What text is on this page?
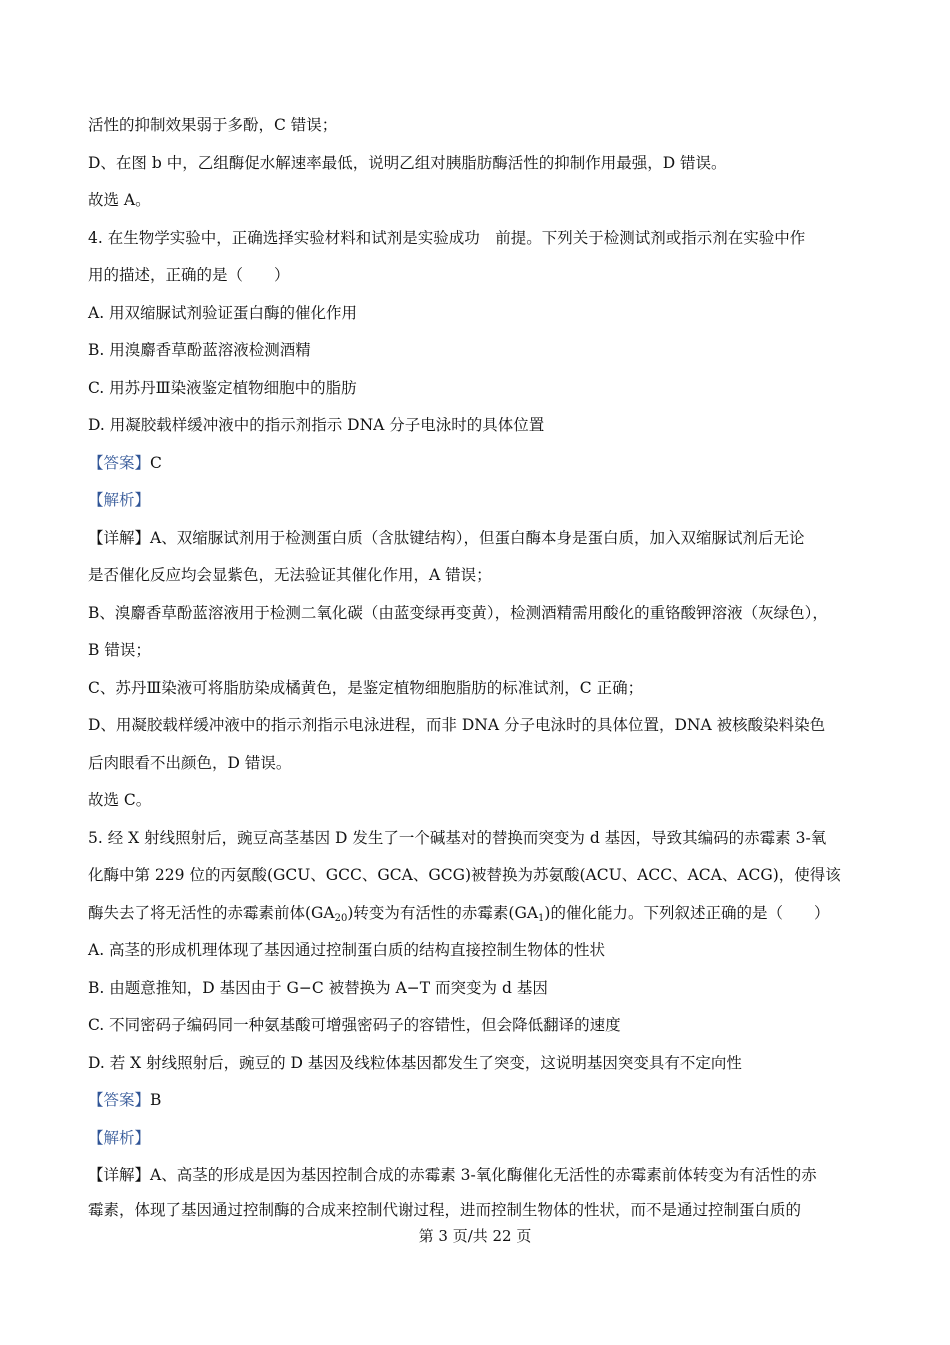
活性的抑制效果弱于多酚，C 错误；
D、在图 b 中，乙组酶促水解速率最低，说明乙组对胰脂肪酶活性的抑制作用最强，D 错误。
故选 A。
4. 在生物学实验中，正确选择实验材料和试剂是实验成功　前提。下列关于检测试剂或指示剂在实验中作
用的描述，正确的是（　　）
A. 用双缩脲试剂验证蛋白酶的催化作用
B. 用溴麝香草酚蓝溶液检测酒精
C. 用苏丹Ⅲ染液鉴定植物细胞中的脂肪
D. 用凝胶载样缓冲液中的指示剂指示 DNA 分子电泳时的具体位置
【答案】C
【解析】
【详解】A、双缩脲试剂用于检测蛋白质（含肽键结构），但蛋白酶本身是蛋白质，加入双缩脲试剂后无论
是否催化反应均会显紫色，无法验证其催化作用，A 错误；
B、溴麝香草酚蓝溶液用于检测二氧化碳（由蓝变绿再变黄），检测酒精需用酸化的重铬酸钾溶液（灰绿色），
B 错误；
C、苏丹Ⅲ染液可将脂肪染成橘黄色，是鉴定植物细胞脂肪的标准试剂，C 正确；
D、用凝胶载样缓冲液中的指示剂指示电泳进程，而非 DNA 分子电泳时的具体位置，DNA 被核酸染料染色
后肉眼看不出颜色，D 错误。
故选 C。
5. 经 X 射线照射后，豌豆高茎基因 D 发生了一个碱基对的替换而突变为 d 基因，导致其编码的赤霉素 3-氧
化酶中第 229 位的丙氨酸(GCU、GCC、GCA、GCG)被替换为苏氨酸(ACU、ACC、ACA、ACG)，使得该
酶失去了将无活性的赤霉素前体$(GA_{20})$转变为有活性的赤霉素$(GA_1)$的催化能力。下列叙述正确的是（　　）
A. 高茎的形成机理体现了基因通过控制蛋白质的结构直接控制生物体的性状
B. 由题意推知，D 基因由于 G−C 被替换为 A−T 而突变为 d 基因
C. 不同密码子编码同一种氨基酸可增强密码子的容错性，但会降低翻译的速度
D. 若 X 射线照射后，豌豆的 D 基因及线粒体基因都发生了突变，这说明基因突变具有不定向性
【答案】B
【解析】
【详解】A、高茎的形成是因为基因控制合成的赤霉素 3-氧化酶催化无活性的赤霉素前体转变为有活性的赤
霉素，体现了基因通过控制酶的合成来控制代谢过程，进而控制生物体的性状，而不是通过控制蛋白质的
第 3 页/共 22 页
